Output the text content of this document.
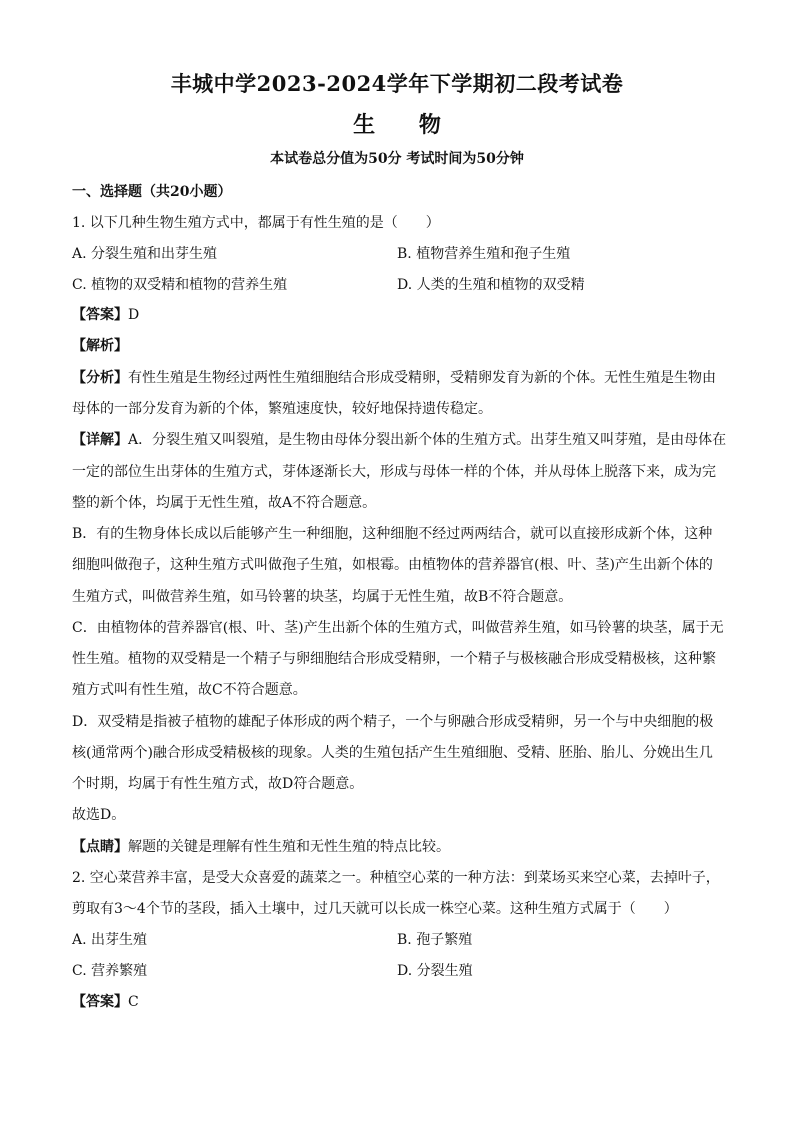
丰城中学2023-2024学年下学期初二段考试卷
生 物
本试卷总分值为50分 考试时间为50分钟
一、选择题（共20小题）
1. 以下几种生物生殖方式中，都属于有性生殖的是（　　）
A. 分裂生殖和出芽生殖	B. 植物营养生殖和孢子生殖
C. 植物的双受精和植物的营养生殖	D. 人类的生殖和植物的双受精
【答案】D
【解析】
【分析】有性生殖是生物经过两性生殖细胞结合形成受精卵，受精卵发育为新的个体。无性生殖是生物由
母体的一部分发育为新的个体，繁殖速度快，较好地保持遗传稳定。
【详解】A．分裂生殖又叫裂殖，是生物由母体分裂出新个体的生殖方式。出芽生殖又叫芽殖，是由母体在
一定的部位生出芽体的生殖方式，芽体逐渐长大，形成与母体一样的个体，并从母体上脱落下来，成为完
整的新个体，均属于无性生殖，故A不符合题意。
B．有的生物身体长成以后能够产生一种细胞，这种细胞不经过两两结合，就可以直接形成新个体，这种
细胞叫做孢子，这种生殖方式叫做孢子生殖，如根霉。由植物体的营养器官(根、叶、茎)产生出新个体的
生殖方式，叫做营养生殖，如马铃薯的块茎，均属于无性生殖，故B不符合题意。
C．由植物体的营养器官(根、叶、茎)产生出新个体的生殖方式，叫做营养生殖，如马铃薯的块茎，属于无
性生殖。植物的双受精是一个精子与卵细胞结合形成受精卵，一个精子与极核融合形成受精极核，这种繁
殖方式叫有性生殖，故C不符合题意。
D．双受精是指被子植物的雄配子体形成的两个精子，一个与卵融合形成受精卵，另一个与中央细胞的极
核(通常两个)融合形成受精极核的现象。人类的生殖包括产生生殖细胞、受精、胚胎、胎儿、分娩出生几
个时期，均属于有性生殖方式，故D符合题意。
故选D。
【点睛】解题的关键是理解有性生殖和无性生殖的特点比较。
2. 空心菜营养丰富，是受大众喜爱的蔬菜之一。种植空心菜的一种方法：到菜场买来空心菜，去掉叶子，
剪取有3～4个节的茎段，插入土壤中，过几天就可以长成一株空心菜。这种生殖方式属于（　　）
A. 出芽生殖	B. 孢子繁殖
C. 营养繁殖	D. 分裂生殖
【答案】C
